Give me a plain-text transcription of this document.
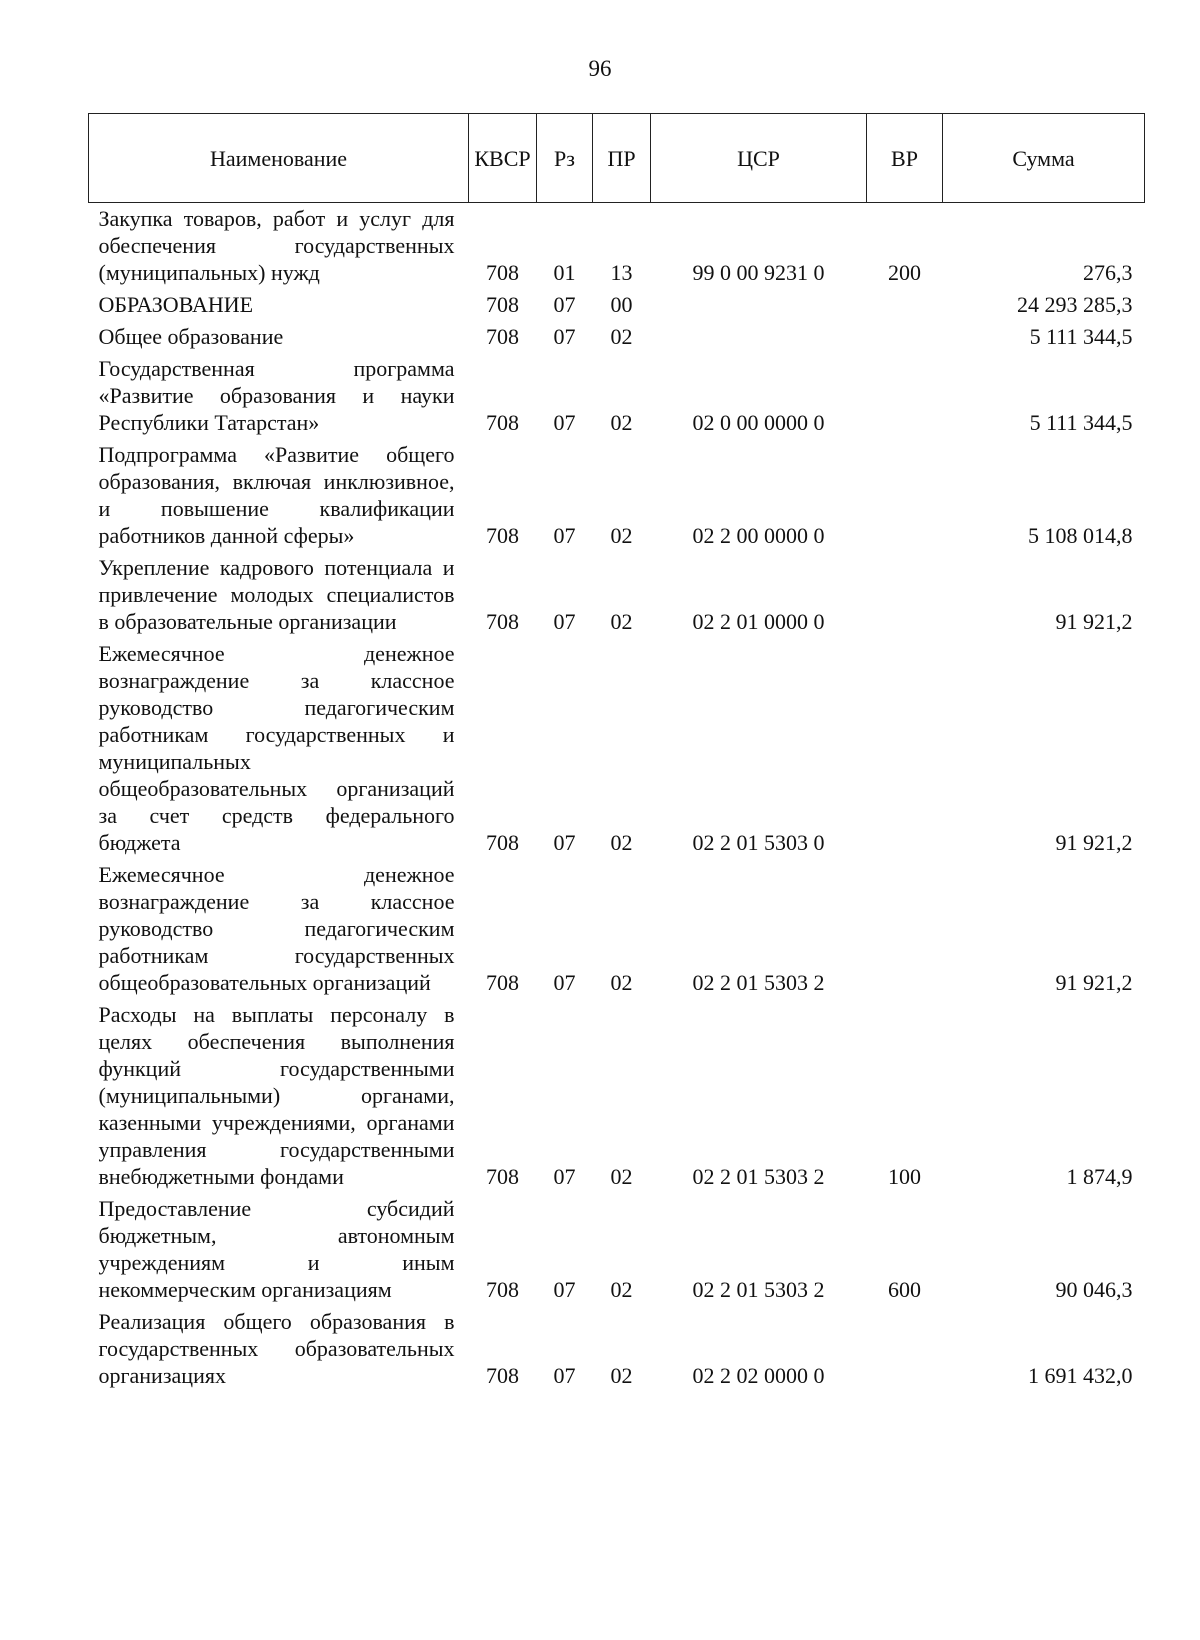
96
Наименование	КВСР	Рз	ПР	ЦСР	ВР	Сумма
Закупка товаров, работ и услуг для обеспечения государственных (муниципальных) нужд	708	01	13	99 0 00 9231 0	200	276,3
ОБРАЗОВАНИЕ	708	07	00			24 293 285,3
Общее образование	708	07	02			5 111 344,5
Государственная программа «Развитие образования и науки Республики Татарстан»	708	07	02	02 0 00 0000 0		5 111 344,5
Подпрограмма «Развитие общего образования, включая инклюзивное, и повышение квалификации работников данной сферы»	708	07	02	02 2 00 0000 0		5 108 014,8
Укрепление кадрового потенциала и привлечение молодых специалистов в образовательные организации	708	07	02	02 2 01 0000 0		91 921,2
Ежемесячное денежное вознаграждение за классное руководство педагогическим работникам государственных и муниципальных общеобразовательных организаций за счет средств федерального бюджета	708	07	02	02 2 01 5303 0		91 921,2
Ежемесячное денежное вознаграждение за классное руководство педагогическим работникам государственных общеобразовательных организаций	708	07	02	02 2 01 5303 2		91 921,2
Расходы на выплаты персоналу в целях обеспечения выполнения функций государственными (муниципальными) органами, казенными учреждениями, органами управления государственными внебюджетными фондами	708	07	02	02 2 01 5303 2	100	1 874,9
Предоставление субсидий бюджетным, автономным учреждениям и иным некоммерческим организациям	708	07	02	02 2 01 5303 2	600	90 046,3
Реализация общего образования в государственных образовательных организациях	708	07	02	02 2 02 0000 0		1 691 432,0
